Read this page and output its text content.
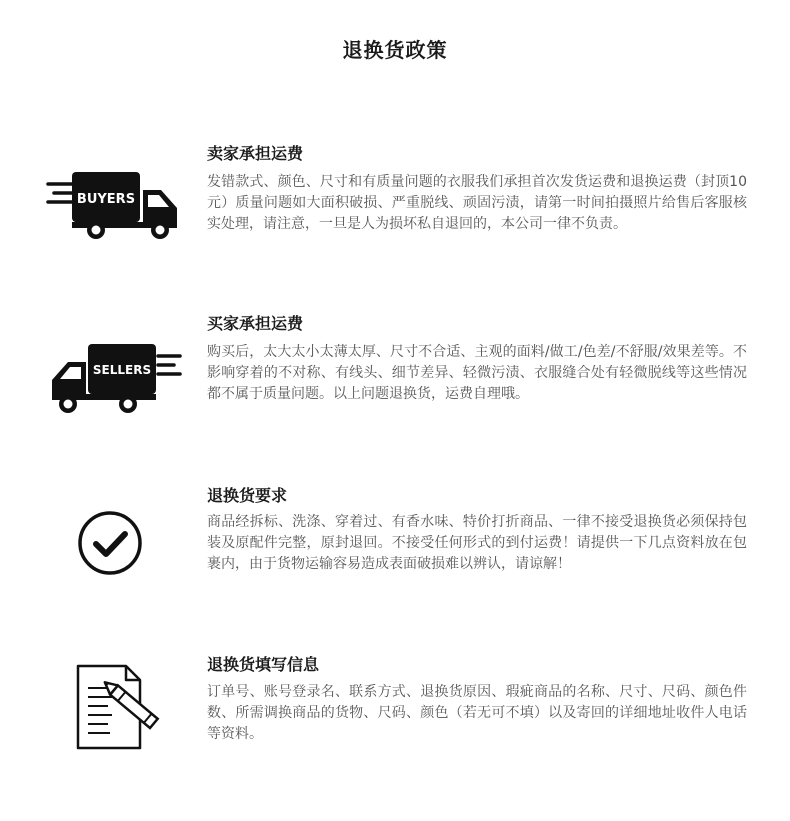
退换货政策
BUYERS
卖家承担运费
发错款式、颜色、尺寸和有质量问题的衣服我们承担首次发货运费和退换运费（封顶10元）质量问题如大面积破损、严重脱线、顽固污渍，请第一时间拍摄照片给售后客服核实处理，请注意，一旦是人为损坏私自退回的，本公司一律不负责。
SELLERS
买家承担运费
购买后，太大太小太薄太厚、尺寸不合适、主观的面料/做工/色差/不舒服/效果差等。不影响穿着的不对称、有线头、细节差异、轻微污渍、衣服缝合处有轻微脱线等这些情况都不属于质量问题。以上问题退换货，运费自理哦。
退换货要求
商品经拆标、洗涤、穿着过、有香水味、特价打折商品、一律不接受退换货必须保持包装及原配件完整，原封退回。不接受任何形式的到付运费！请提供一下几点资料放在包裹内，由于货物运输容易造成表面破损难以辨认，请谅解！
退换货填写信息
订单号、账号登录名、联系方式、退换货原因、瑕疵商品的名称、尺寸、尺码、颜色件数、所需调换商品的货物、尺码、颜色（若无可不填）以及寄回的详细地址收件人电话等资料。
